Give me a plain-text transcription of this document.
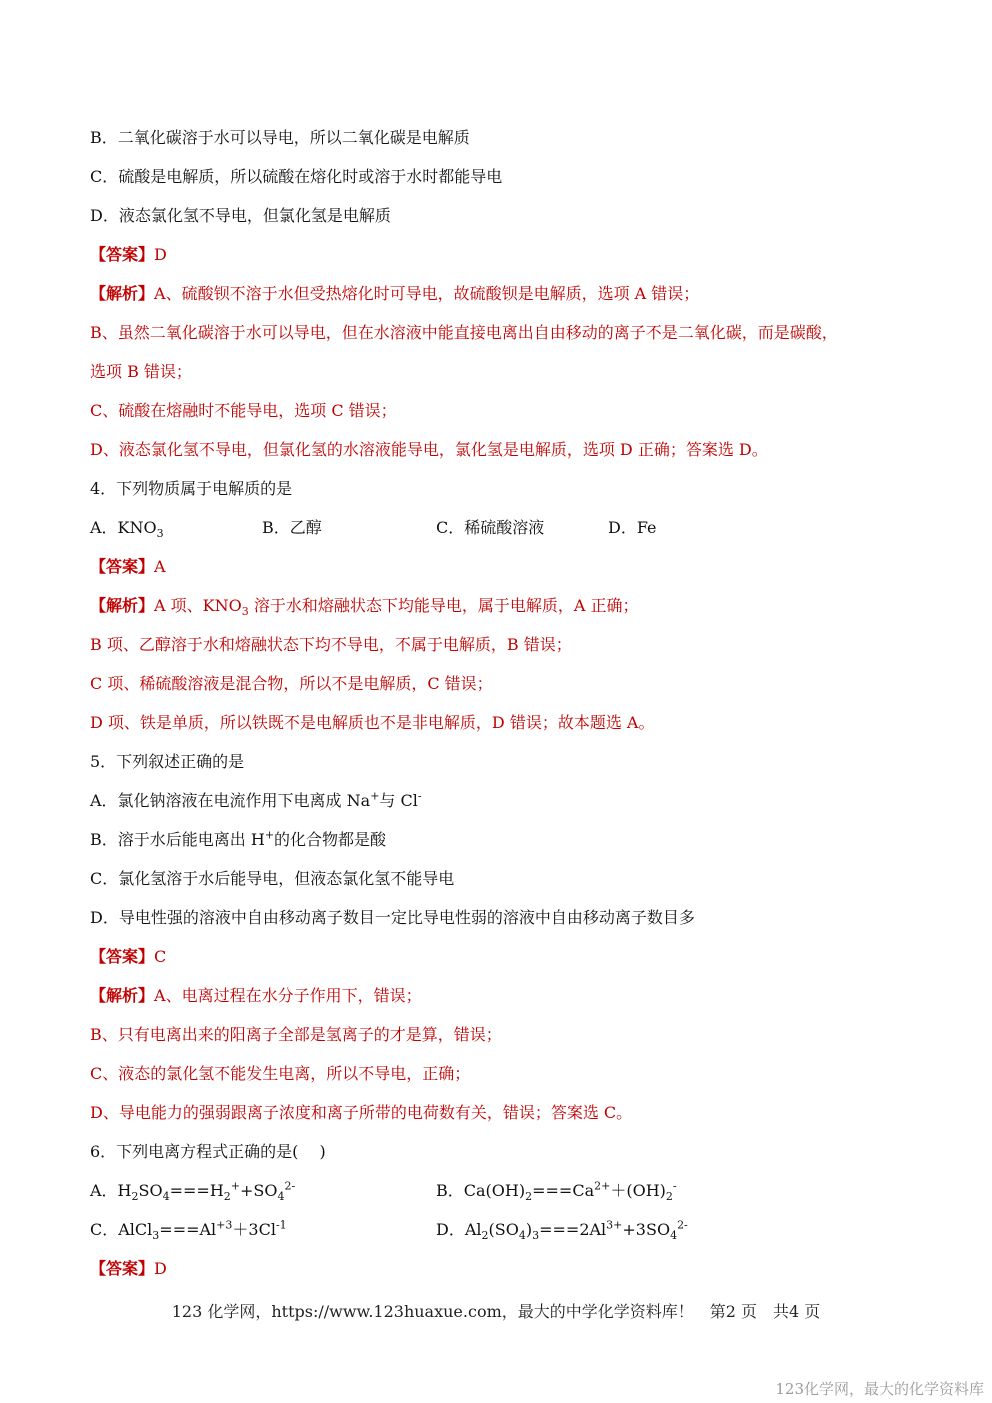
B．二氧化碳溶于水可以导电，所以二氧化碳是电解质
C．硫酸是电解质，所以硫酸在熔化时或溶于水时都能导电
D．液态氯化氢不导电，但氯化氢是电解质
【答案】D
【解析】A、硫酸钡不溶于水但受热熔化时可导电，故硫酸钡是电解质，选项 A 错误；
B、虽然二氧化碳溶于水可以导电，但在水溶液中能直接电离出自由移动的离子不是二氧化碳，而是碳酸，
选项 B 错误；
C、硫酸在熔融时不能导电，选项 C 错误；
D、液态氯化氢不导电，但氯化氢的水溶液能导电，氯化氢是电解质，选项 D 正确；答案选 D。
4．下列物质属于电解质的是
A．$KNO_3$	B．乙醇	C．稀硫酸溶液	D．Fe
【答案】A
【解析】A 项、$KNO_3$ 溶于水和熔融状态下均能导电，属于电解质，A 正确；
B 项、乙醇溶于水和熔融状态下均不导电，不属于电解质，B 错误；
C 项、稀硫酸溶液是混合物，所以不是电解质，C 错误；
D 项、铁是单质，所以铁既不是电解质也不是非电解质，D 错误；故本题选 A。
5．下列叙述正确的是
A．氯化钠溶液在电流作用下电离成 Na+与 Cl-
B．溶于水后能电离出 H+的化合物都是酸
C．氯化氢溶于水后能导电，但液态氯化氢不能导电
D．导电性强的溶液中自由移动离子数目一定比导电性弱的溶液中自由移动离子数目多
【答案】C
【解析】A、电离过程在水分子作用下，错误；
B、只有电离出来的阳离子全部是氢离子的才是算，错误；
C、液态的氯化氢不能发生电离，所以不导电，正确；
D、导电能力的强弱跟离子浓度和离子所带的电荷数有关，错误；答案选 C。
6．下列电离方程式正确的是(　 )
A．$H_2SO_4===H_2^++SO_4^{2-}$	B．$Ca(OH)_2===Ca^{2+}+(OH)_2^-$
C．$AlCl_3===Al^{+3}+3Cl^{-1}$	D．$Al_2(SO_4)_3===2Al^{3+}+3SO_4^{2-}$
【答案】D
123 化学网，https://www.123huaxue.com，最大的中学化学资料库！　第2 页　共4 页
123化学网，最大的化学资料库
